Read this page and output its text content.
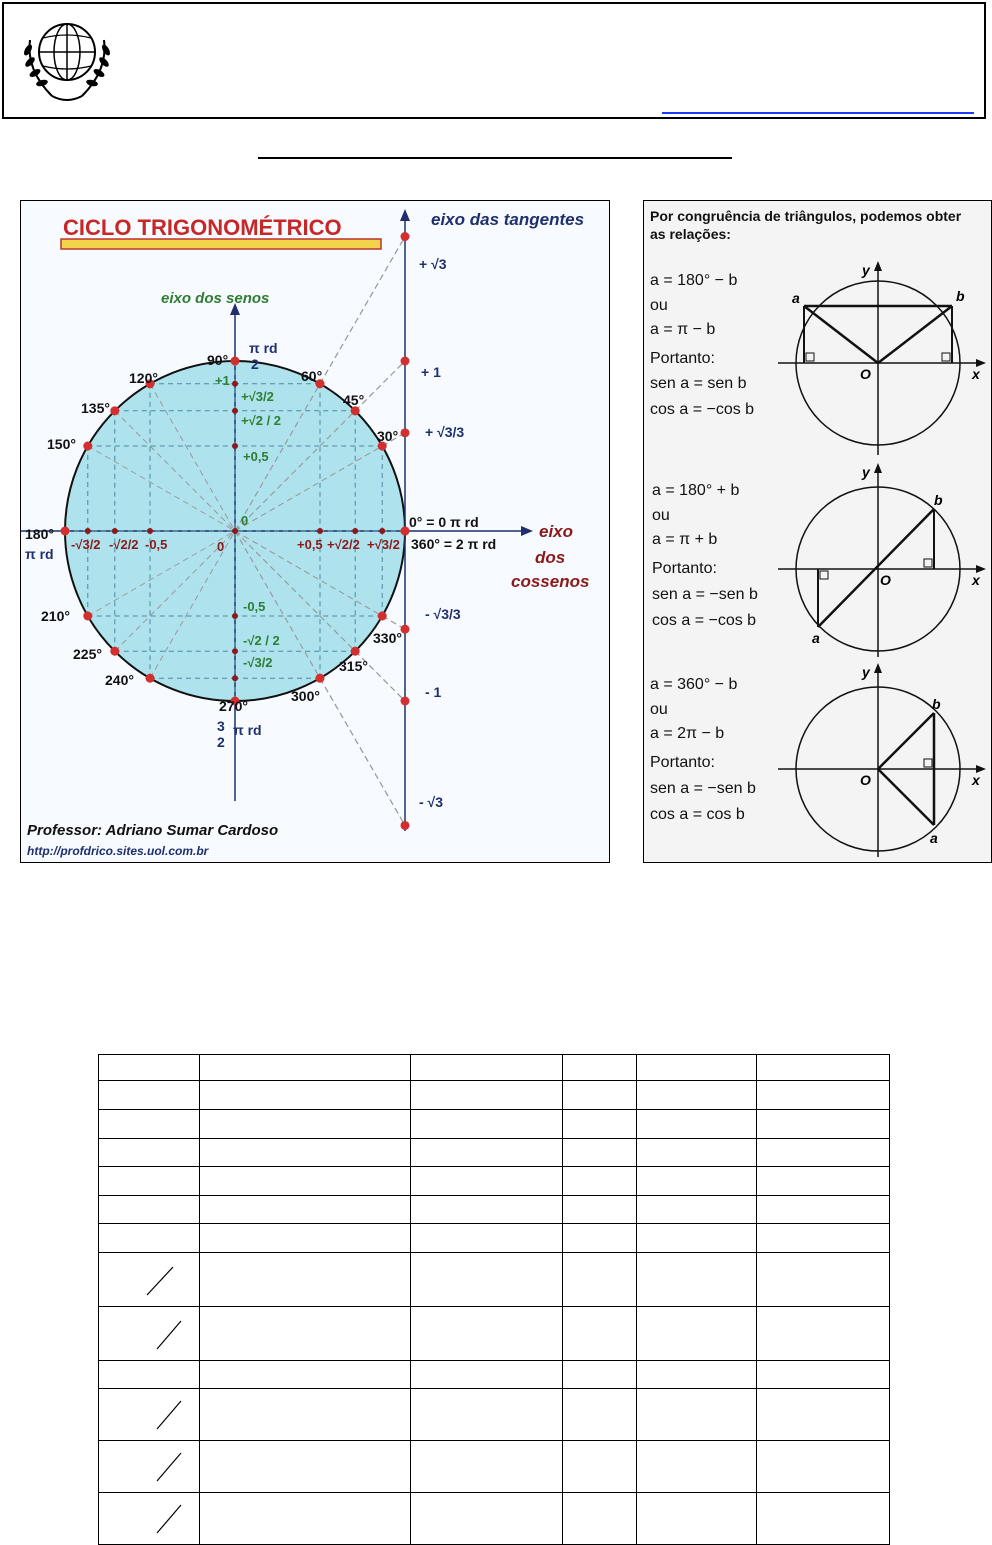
CICLO TRIGONOMÉTRICO	eixo das tangentes
eixo dos senos
eixo
dos
cossenos
0° = 0 π rd
360° = 2 π rd
30°
45°
60°
90°
120°
135°
150°
180°
π rd
210°
225°
240°
270°
300°
315°
330°
π rd
2
3
2
π rd
+1
+√3/2
+√2 / 2
+0,5
0
-0,5
-√2 / 2
-√3/2
+0,5 +√2/2 +√3/2
-√3/2 -√2/2 -0,5	0
+ √3
+ 1
+ √3/3
- √3/3
- 1
- √3
Professor: Adriano Sumar Cardoso
http://profdrico.sites.uol.com.br
Por congruência de triângulos, podemos obter
as relações:
a = 180° − b
ou
a = π − b
Portanto:
sen a = sen b
cos a = −cos b
a = 180° + b
ou
a = π + b
Portanto:
sen a = −sen b
cos a = −cos b
a = 360° − b
ou
a = 2π − b
Portanto:
sen a = −sen b
cos a = cos b
x
y
O
a	b
x
y
O
a
b
x
y
O
a
b
